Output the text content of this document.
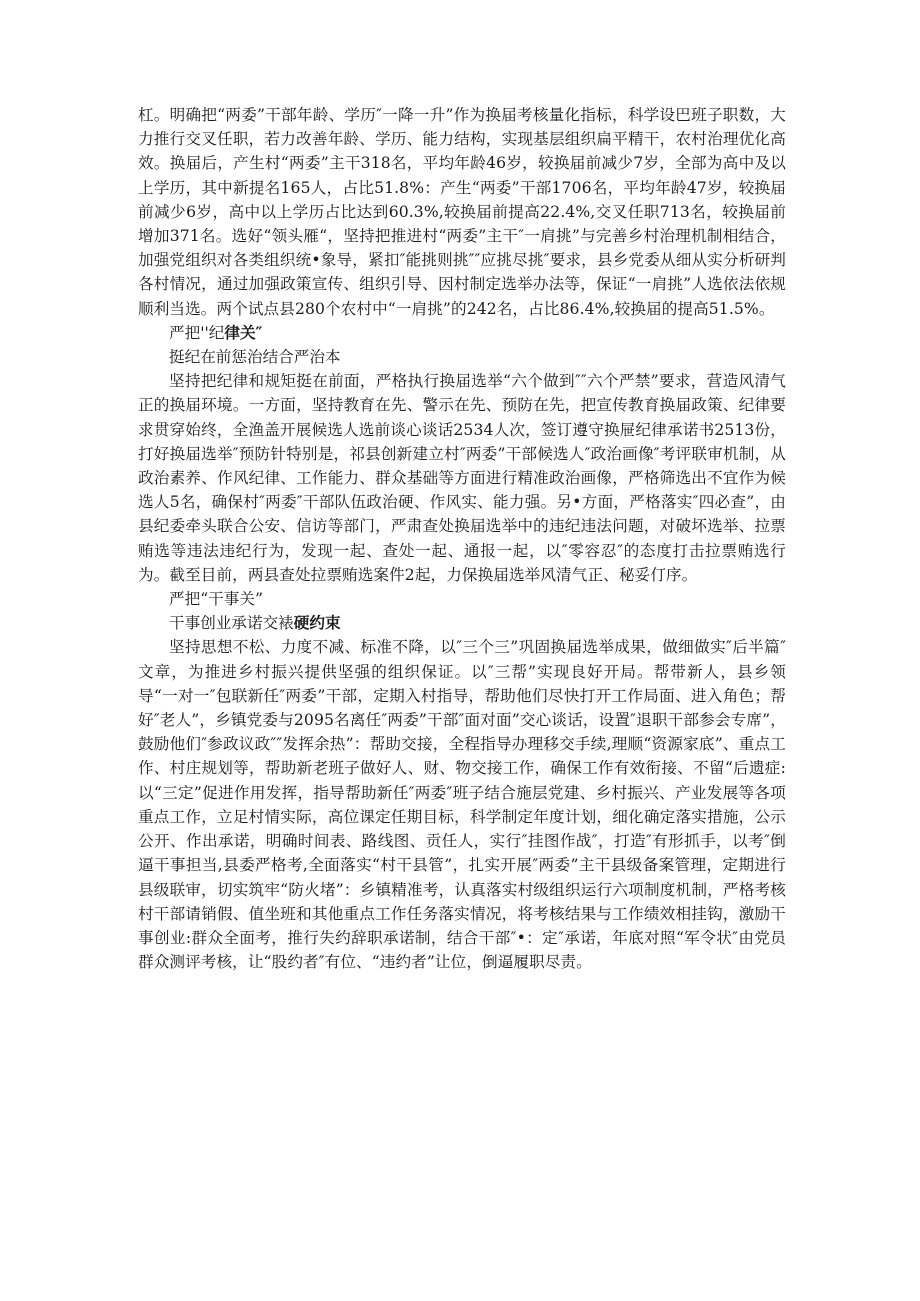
杠。明确把“两委”干部年龄、学历″一降一升”作为换届考核量化指标，科学设巴班子职数，大力推行交叉任职，若力改善年龄、学历、能力结构，实现基层组织扁平精干，农村治理优化高效。换届后，产生村“两委”主干318名，平均年龄46岁，较换届前减少7岁，全部为高中及以上学历，其中新提名165人，占比51.8%：产生“两委”干部1706名，平均年龄47岁，较换届前减少6岁，高中以上学历占比达到60.3%,较换届前提高22.4%,交叉任职713名，较换届前增加371名。选好“领头雁“，坚持把推进村“两委”主干″一肩挑”与完善乡村治理机制相结合，加强党组织对各类组织统•象导，紧扣″能挑则挑″″应挑尽挑″要求，县乡党委从细从实分析研判各村情况，通过加强政策宣传、组织引导、因村制定选举办法等，保证“一肩挑”人选依法依规顺利当选。两个试点县280个农村中“一肩挑”的242名，占比86.4%,较换届的提高51.5%。

严把''纪律关″

挺纪在前惩治结合严治本

坚持把纪律和规矩挺在前面，严格执行换届选举“六个做到″″六个严禁”要求，营造风清气正的换届环境。一方面，坚持教育在先、警示在先、预防在先，把宣传教育换届政策、纪律要求贯穿始终，全渔盖开展候选人选前谈心谈话2534人次，签订遵守换屉纪律承诺书2513份，打好换届选举″预防针特别是，祁县创新建立村″两委”干部候选人″政治画像″考评联审机制，从政治素养、作风纪律、工作能力、群众基础等方面进行精准政治画像，严格筛选出不宜作为候选人5名，确保村″两委″干部队伍政治硬、作风实、能力强。另•方面，严格落实″四必查”，由县纪委牵头联合公安、信访等部门，严肃查处换届选举中的违纪违法问题，对破坏选举、拉票贿选等违法违纪行为，发现一起、查处一起、通报一起，以″零容忍″的态度打击拉票贿选行为。截至目前，两县查处拉票贿选案件2起，力保换届选举风清气正、秘妥仃序。

严把“干事关”

干事创业承诺交裱硬约束

坚持思想不松、力度不减、标准不降，以″三个三”巩固换届选举成果，做细做实″后半篇″文章，为推进乡村振兴提供坚强的组织保证。以″三帮”实现良好开局。帮带新人，县乡领导“一对一″包联新任″两委”干部，定期入村指导，帮助他们尽快打开工作局面、进入角色；帮好″老人”，乡镇党委与2095名离任″两委”干部″面对面”交心谈话，设置″退职干部参会专席”，鼓励他们″参政议政″″发挥余热”：帮助交接，全程指导办理移交手续,理顺“资源家底”、重点工作、村庄规划等，帮助新老班子做好人、财、物交接工作，确保工作有效衔接、不留“后遗症:以“三定”促进作用发挥，指导帮助新任″两委″班子结合施层党建、乡村振兴、产业发展等各项重点工作，立足村情实际，高位课定任期目标，科学制定年度计划，细化确定落实措施，公示公开、作出承诺，明确时间表、路线图、贡任人，实行″挂图作战″，打造″有形抓手，以考″倒逼干事担当,县委严格考,全面落实“村干县管”，扎实开展″两委”主干县级备案管理，定期进行县级联审，切实筑牢“防火堵”：乡镇精准考，认真落实村级组织运行六项制度机制，严格考核村干部请销假、值坐班和其他重点工作任务落实情况，将考核结果与工作绩效相挂钩，激励干事创业:群众全面考，推行失约辞职承诺制，结合干部″•：定″承诺，年底对照“军令状″由党员群众测评考核，让“股约者″有位、“违约者”让位，倒逼履职尽责。
